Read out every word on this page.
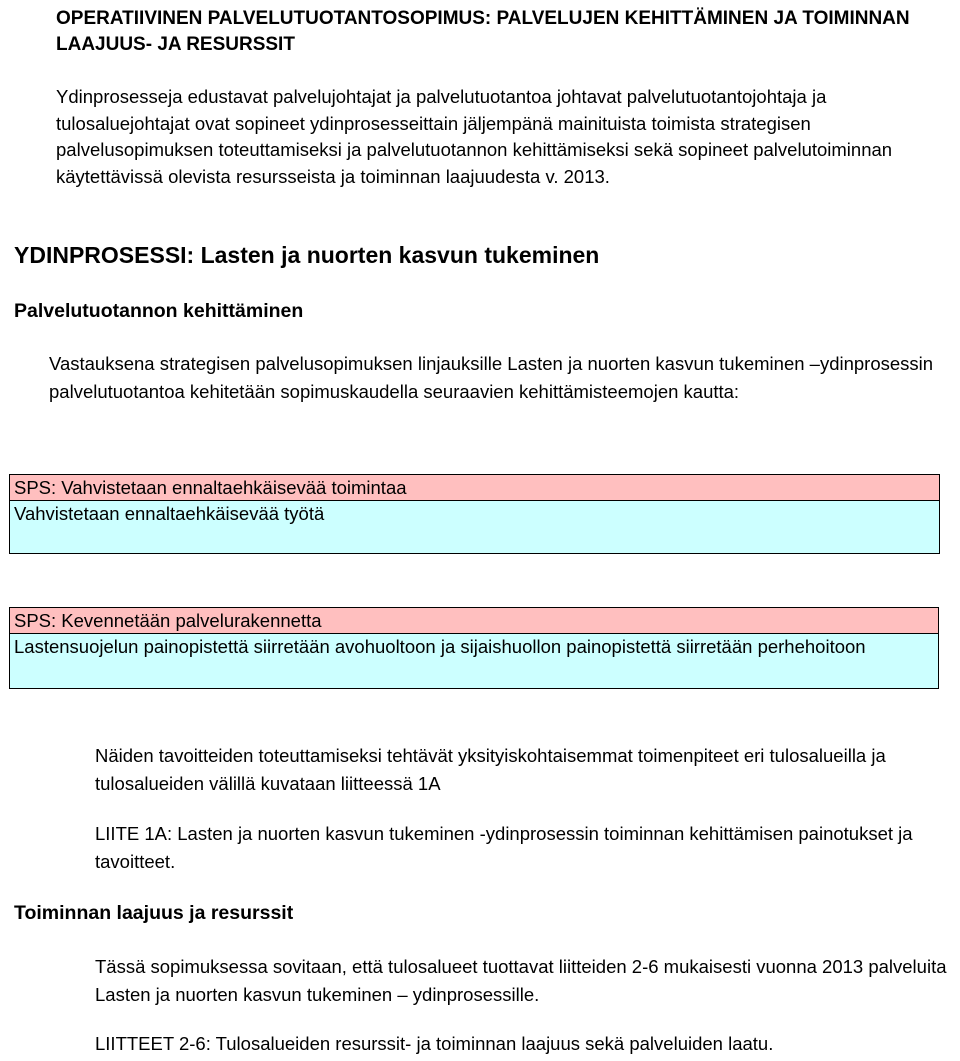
OPERATIIVINEN PALVELUTUOTANTOSOPIMUS: PALVELUJEN KEHITTÄMINEN JA TOIMINNAN LAAJUUS- JA RESURSSIT

Ydinprosesseja edustavat palvelujohtajat ja palvelutuotantoa johtavat palvelutuotantojohtaja ja tulosaluejohtajat ovat sopineet ydinprosesseittain jäljempänä mainituista toimista strategisen palvelusopimuksen toteuttamiseksi ja palvelutuotannon kehittämiseksi sekä sopineet palvelutoiminnan käytettävissä olevista resursseista ja toiminnan laajuudesta v. 2013.

YDINPROSESSI: Lasten ja nuorten kasvun tukeminen
Palvelutuotannon kehittäminen

Vastauksena strategisen palvelusopimuksen linjauksille Lasten ja nuorten kasvun tukeminen –ydinprosessin palvelutuotantoa kehitetään sopimuskaudella seuraavien kehittämisteemojen kautta:

SPS: Vahvistetaan ennaltaehkäisevää toimintaa
Vahvistetaan ennaltaehkäisevää työtä
SPS: Kevennetään palvelurakennetta
Lastensuojelun painopistettä siirretään avohuoltoon ja sijaishuollon painopistettä siirretään perhehoitoon

Näiden tavoitteiden toteuttamiseksi tehtävät yksityiskohtaisemmat toimenpiteet eri tulosalueilla ja tulosalueiden välillä kuvataan liitteessä 1A

LIITE 1A: Lasten ja nuorten kasvun tukeminen -ydinprosessin toiminnan kehittämisen painotukset ja tavoitteet.

Toiminnan laajuus ja resurssit

Tässä sopimuksessa sovitaan, että tulosalueet tuottavat liitteiden 2-6 mukaisesti vuonna 2013 palveluita Lasten ja nuorten kasvun tukeminen – ydinprosessille.

LIITTEET 2-6: Tulosalueiden resurssit- ja toiminnan laajuus sekä palveluiden laatu.
